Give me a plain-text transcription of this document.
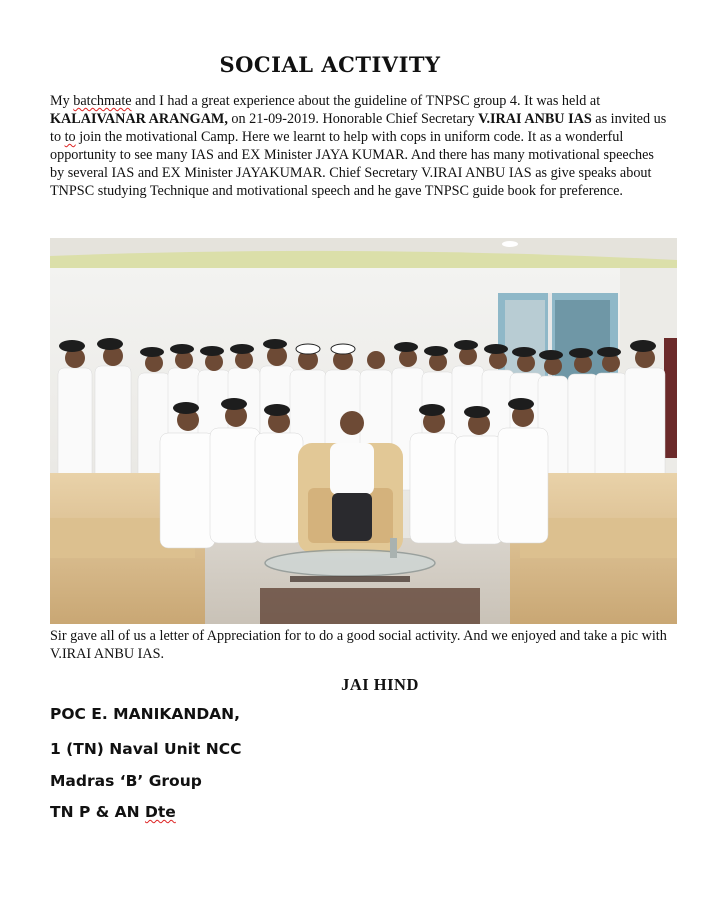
SOCIAL ACTIVITY
My batchmate and I had a great experience about the guideline of TNPSC group 4. It was held at KALAIVANAR ARANGAM, on 21-09-2019. Honorable Chief Secretary V.IRAI ANBU IAS as invited us to to join the motivational Camp. Here we learnt to help with cops in uniform code. It as a wonderful opportunity to see many IAS and EX Minister JAYA KUMAR. And there has many motivational speeches by several IAS and EX Minister JAYAKUMAR. Chief Secretary V.IRAI ANBU IAS as give speaks about TNPSC studying Technique and motivational speech and he gave TNPSC guide book for preference.
Sir gave all of us a letter of Appreciation for to do a good social activity. And we enjoyed and take a pic with V.IRAI ANBU IAS.
JAI HIND
POC E. MANIKANDAN,
1 (TN) Naval Unit NCC
Madras ‘B’ Group
TN P & AN Dte
